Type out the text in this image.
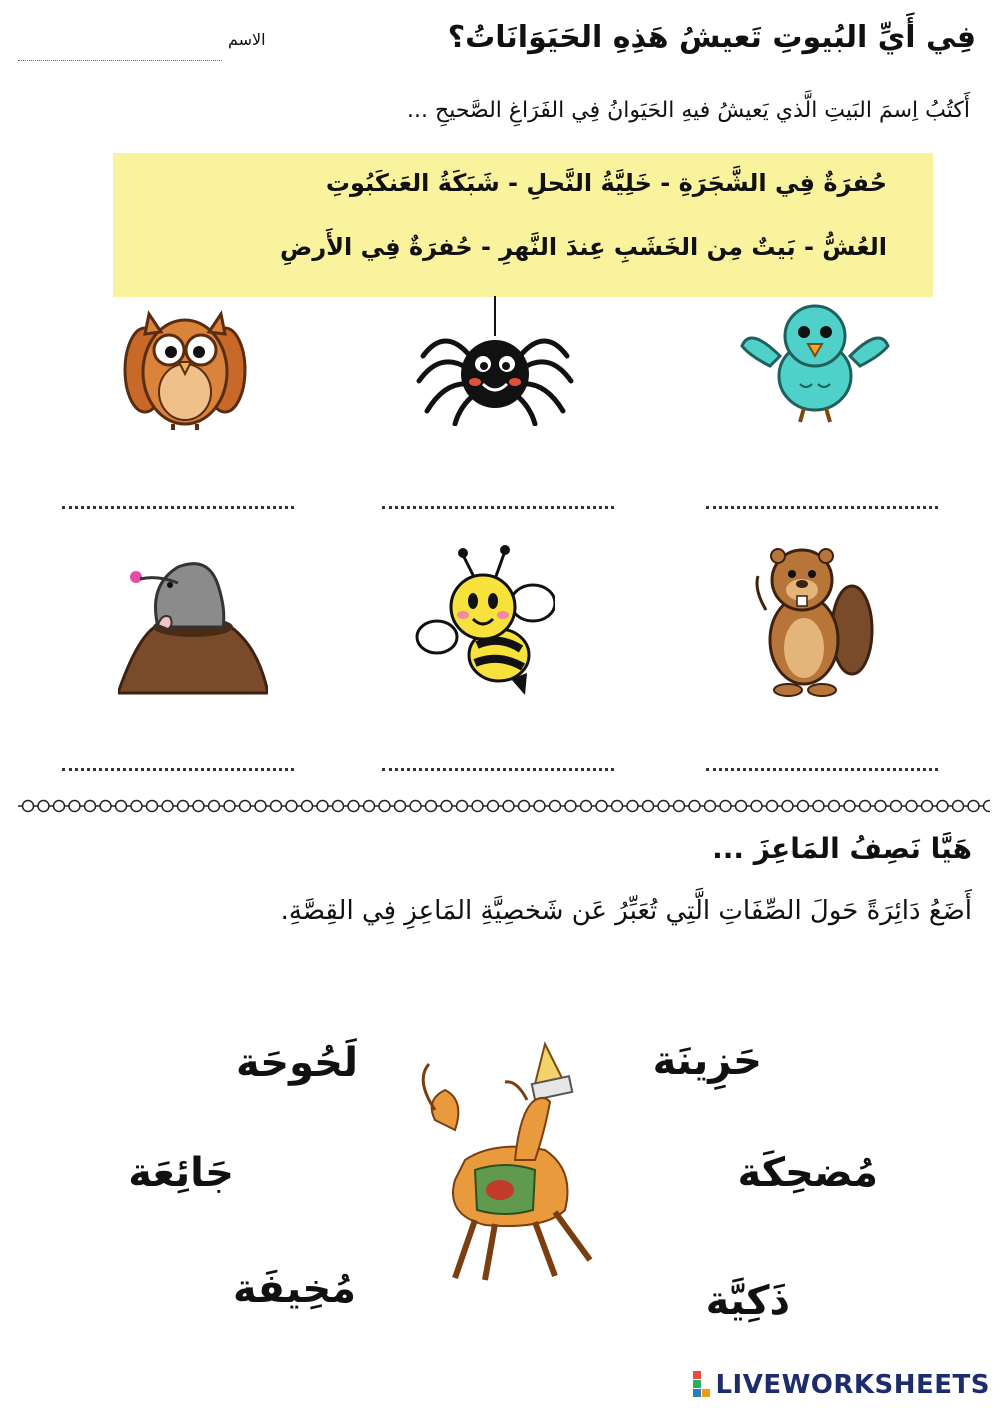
فِي أَيِّ البُيوتِ تَعيشُ هَذِهِ الحَيَوَانَاتُ؟
الاسم
أَكتُبُ اِسمَ البَيتِ الَّذي يَعيشُ فيهِ الحَيَوانُ فِي الفَرَاغِ الصَّحيحِ ...
حُفرَةٌ فِي الشَّجَرَةِ - خَلِيَّةُ النَّحلِ - شَبَكَةُ العَنكَبُوتِ
العُشُّ - بَيتٌ مِن الخَشَبِ عِندَ النَّهرِ - حُفرَةٌ فِي الأَرضِ
هَيَّا نَصِفُ المَاعِزَ ...
أَضَعُ دَائِرَةً حَولَ الصِّفَاتِ الَّتِي تُعَبِّرُ عَن شَخصِيَّةِ المَاعِزِ فِي القِصَّةِ.
حَزِينَة
مُضحِكَة
ذَكِيَّة
لَحُوحَة
جَائِعَة
مُخِيفَة
LIVEWORKSHEETS
